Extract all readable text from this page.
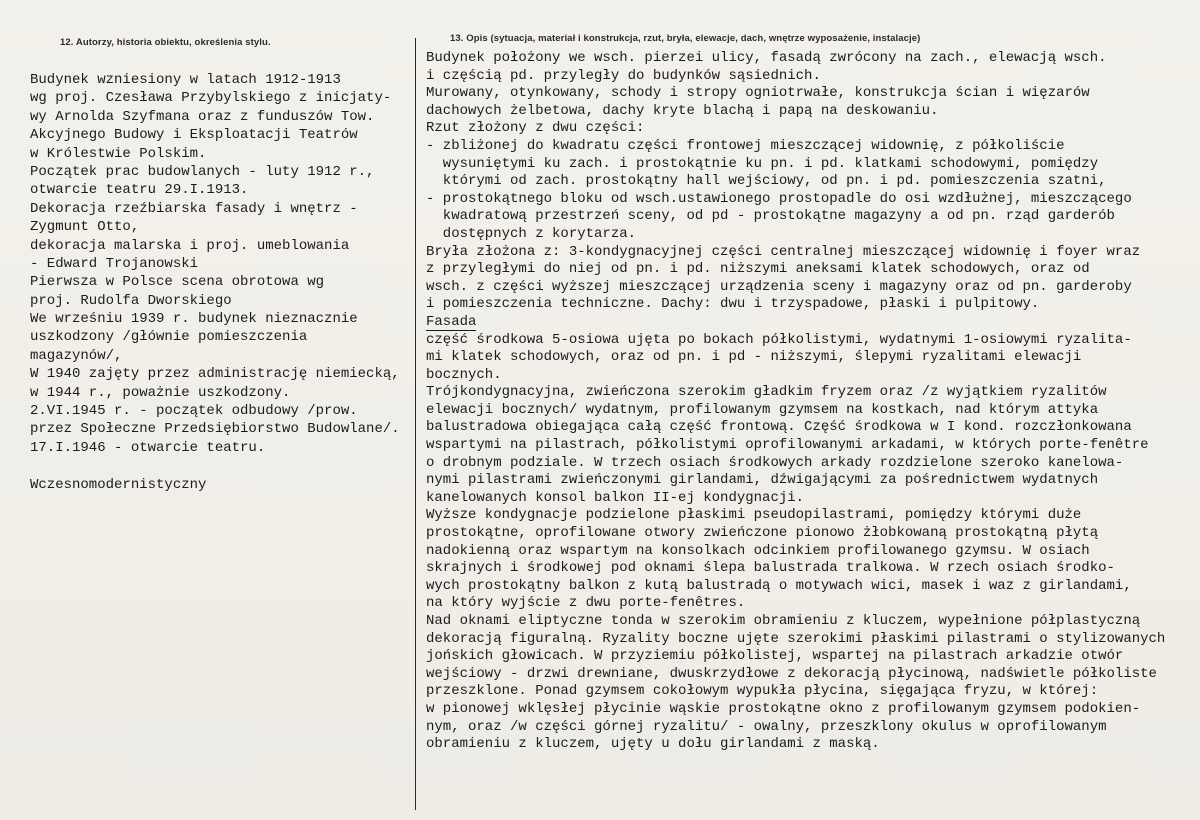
12. Autorzy, historia obiektu, określenia stylu.
Budynek wzniesiony w latach 1912-1913
wg proj. Czesława Przybylskiego z inicjaty-
wy Arnolda Szyfmana oraz z funduszów Tow.
Akcyjnego Budowy i Eksploatacji Teatrów
w Królestwie Polskim.
Początek prac budowlanych - luty 1912 r.,
otwarcie teatru 29.I.1913.
Dekoracja rzeźbiarska fasady i wnętrz -
Zygmunt Otto,
dekoracja malarska i proj. umeblowania
- Edward Trojanowski
Pierwsza w Polsce scena obrotowa wg
proj. Rudolfa Dworskiego
We wrześniu 1939 r. budynek nieznacznie
uszkodzony /głównie pomieszczenia
magazynów/,
W 1940 zajęty przez administrację niemiecką,
w 1944 r., poważnie uszkodzony.
2.VI.1945 r. - początek odbudowy /prow.
przez Społeczne Przedsiębiorstwo Budowlane/.
17.I.1946 - otwarcie teatru.
Wczesnomodernistyczny
13. Opis (sytuacja, materiał i konstrukcja, rzut, bryła, elewacje, dach, wnętrze wyposażenie, instalacje)
Budynek położony we wsch. pierzei ulicy, fasadą zwrócony na zach., elewacją wsch.
i częścią pd. przyległy do budynków sąsiednich.
Murowany, otynkowany, schody i stropy ogniotrwałe, konstrukcja ścian i więzarów
dachowych żelbetowa, dachy kryte blachą i papą na deskowaniu.
Rzut złożony z dwu części:
- zbliżonej do kwadratu części frontowej mieszczącej widownię, z półkoliście
wysuniętymi ku zach. i prostokątnie ku pn. i pd. klatkami schodowymi, pomiędzy
którymi od zach. prostokątny hall wejściowy, od pn. i pd. pomieszczenia szatni,
- prostokątnego bloku od wsch.ustawionego prostopadle do osi wzdłużnej, mieszczącego
kwadratową przestrzeń sceny, od pd - prostokątne magazyny a od pn. rząd garderób
dostępnych z korytarza.
Bryła złożona z: 3-kondygnacyjnej części centralnej mieszczącej widownię i foyer wraz
z przyległymi do niej od pn. i pd. niższymi aneksami klatek schodowych, oraz od
wsch. z części wyższej mieszczącej urządzenia sceny i magazyny oraz od pn. garderoby
i pomieszczenia techniczne. Dachy: dwu i trzyspadowe, płaski i pulpitowy.
Fasada
część środkowa 5-osiowa ujęta po bokach półkolistymi, wydatnymi 1-osiowymi ryzalita-
mi klatek schodowych, oraz od pn. i pd - niższymi, ślepymi ryzalitami elewacji
bocznych.
Trójkondygnacyjna, zwieńczona szerokim gładkim fryzem oraz /z wyjątkiem ryzalitów
elewacji bocznych/ wydatnym, profilowanym gzymsem na kostkach, nad którym attyka
balustradowa obiegająca całą część frontową. Część środkowa w I kond. rozczłonkowana
wspartymi na pilastrach, półkolistymi oprofilowanymi arkadami, w których porte-fenêtre
o drobnym podziale. W trzech osiach środkowych arkady rozdzielone szeroko kanelowa-
nymi pilastrami zwieńczonymi girlandami, dźwigającymi za pośrednictwem wydatnych
kanelowanych konsol balkon II-ej kondygnacji.
Wyższe kondygnacje podzielone płaskimi pseudopilastrami, pomiędzy którymi duże
prostokątne, oprofilowane otwory zwieńczone pionowo żłobkowaną prostokątną płytą
nadokienną oraz wspartym na konsolkach odcinkiem profilowanego gzymsu. W osiach
skrajnych i środkowej pod oknami ślepa balustrada tralkowa. W rzech osiach środko-
wych prostokątny balkon z kutą balustradą o motywach wici, masek i waz z girlandami,
na który wyjście z dwu porte-fenêtres.
Nad oknami eliptyczne tonda w szerokim obramieniu z kluczem, wypełnione półplastyczną
dekoracją figuralną. Ryzality boczne ujęte szerokimi płaskimi pilastrami o stylizowanych
jońskich głowicach. W przyziemiu półkolistej, wspartej na pilastrach arkadzie otwór
wejściowy - drzwi drewniane, dwuskrzydłowe z dekoracją płycinową, nadświetle półkoliste
przeszklone. Ponad gzymsem cokołowym wypukła płycina, sięgająca fryzu, w której:
w pionowej wklęsłej płycinie wąskie prostokątne okno z profilowanym gzymsem podokien-
nym, oraz /w części górnej ryzalitu/ - owalny, przeszklony okulus w oprofilowanym
obramieniu z kluczem, ujęty u dołu girlandami z maską.
